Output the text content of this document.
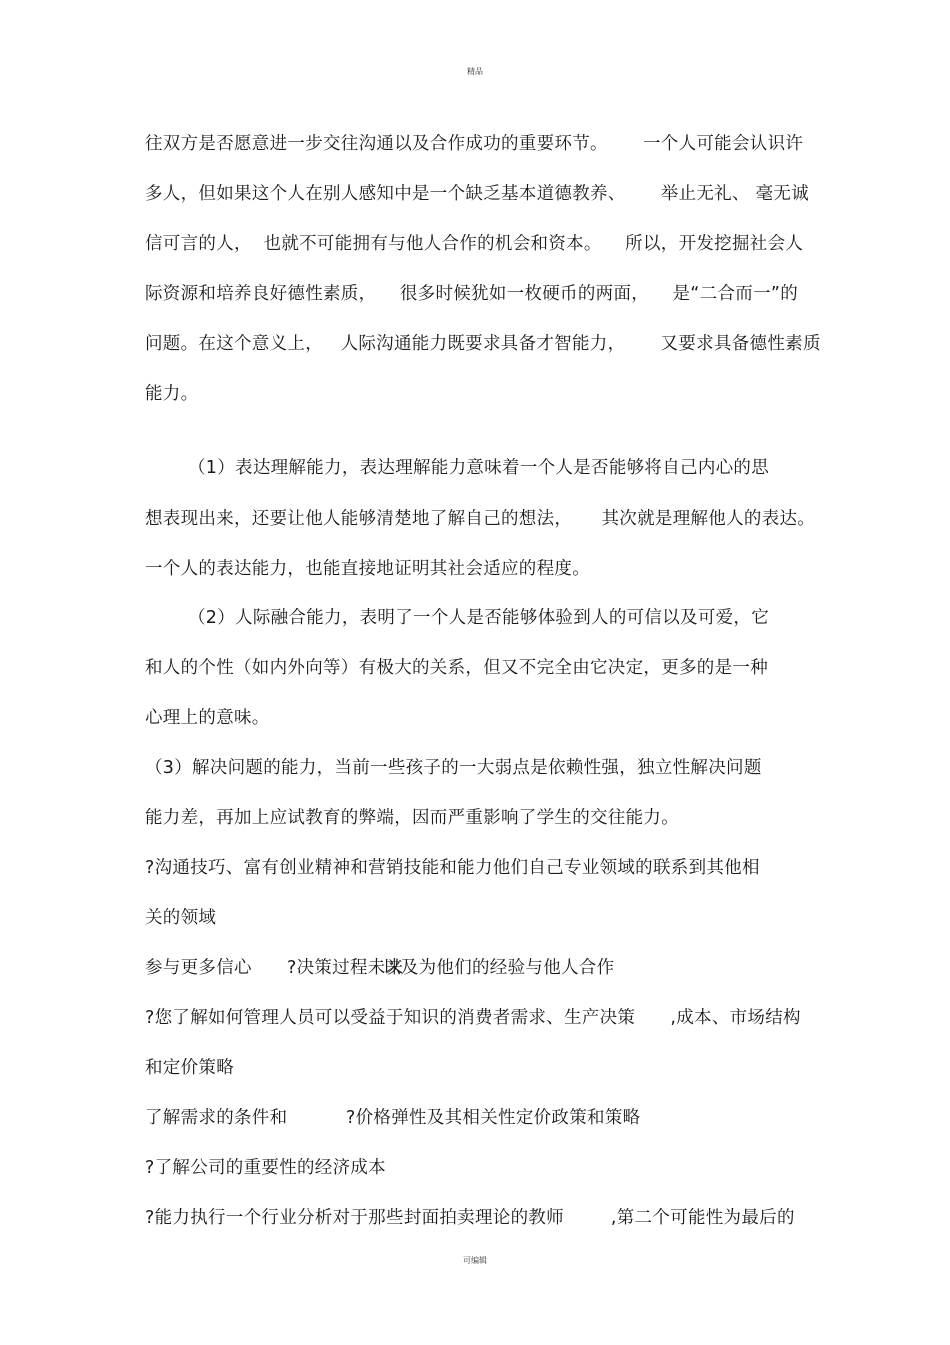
精品

往双方是否愿意进一步交往沟通以及合作成功的重要环节。      一个人可能会认识许

多人，但如果这个人在别人感知中是一个缺乏基本道德教养、      举止无礼、 毫无诚

信可言的人，  也就不可能拥有与他人合作的机会和资本。    所以，开发挖掘社会人

际资源和培养良好德性素质，    很多时候犹如一枚硬币的两面，    是“二合而一”的

问题。在这个意义上，   人际沟通能力既要求具备才智能力，      又要求具备德性素质

能力。

（1）表达理解能力，表达理解能力意味着一个人是否能够将自己内心的思

想表现出来，还要让他人能够清楚地了解自己的想法，     其次就是理解他人的表达。

一个人的表达能力，也能直接地证明其社会适应的程度。

（2）人际融合能力，表明了一个人是否能够体验到人的可信以及可爱，它

和人的个性（如内外向等）有极大的关系，但又不完全由它决定，更多的是一种

心理上的意味。

（3）解决问题的能力，当前一些孩子的一大弱点是依赖性强，独立性解决问题

能力差，再加上应试教育的弊端，因而严重影响了学生的交往能力。

?沟通技巧、富有创业精神和营销技能和能力他们自己专业领域的联系到其他相

关的领域

参与更多信心      ?决策过程未来

以及为他们的经验与他人合作

?您了解如何管理人员可以受益于知识的消费者需求、生产决策      ,成本、市场结构

和定价策略

了解需求的条件和          ?价格弹性及其相关性定价政策和策略

?了解公司的重要性的经济成本

?能力执行一个行业分析对于那些封面拍卖理论的教师        ,第二个可能性为最后的

可编辑
